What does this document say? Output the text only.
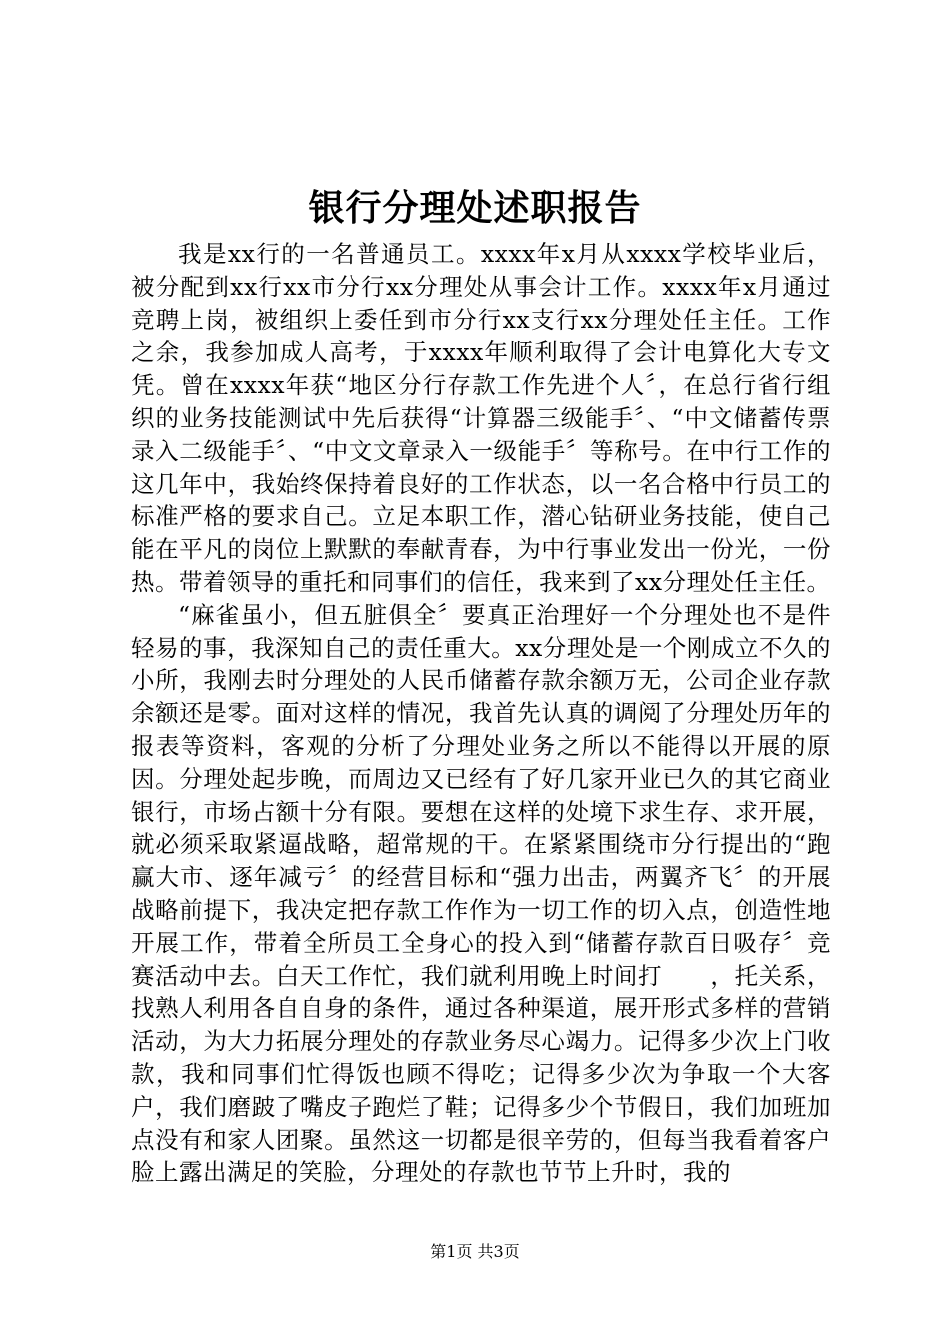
银行分理处述职报告

我是xx行的一名普通员工。xxxx年x月从xxxx学校毕业后，被分配到xx行xx市分行xx分理处从事会计工作。xxxx年x月通过竞聘上岗，被组织上委任到市分行xx支行xx分理处任主任。工作之余，我参加成人高考，于xxxx年顺利取得了会计电算化大专文凭。曾在xxxx年获“地区分行存款工作先进个人〞，在总行省行组织的业务技能测试中先后获得“计算器三级能手〞、“中文储蓄传票录入二级能手〞、“中文文章录入一级能手〞等称号。在中行工作的这几年中，我始终保持着良好的工作状态，以一名合格中行员工的标准严格的要求自己。立足本职工作，潜心钻研业务技能，使自己能在平凡的岗位上默默的奉献青春，为中行事业发出一份光，一份热。带着领导的重托和同事们的信任，我来到了xx分理处任主任。

“麻雀虽小，但五脏俱全〞要真正治理好一个分理处也不是件轻易的事，我深知自己的责任重大。xx分理处是一个刚成立不久的小所，我刚去时分理处的人民币储蓄存款余额万无，公司企业存款余额还是零。面对这样的情况，我首先认真的调阅了分理处历年的报表等资料，客观的分析了分理处业务之所以不能得以开展的原因。分理处起步晚，而周边又已经有了好几家开业已久的其它商业银行，市场占额十分有限。要想在这样的处境下求生存、求开展，就必须采取紧逼战略，超常规的干。在紧紧围绕市分行提出的“跑赢大市、逐年减亏〞的经营目标和“强力出击，两翼齐飞〞的开展战略前提下，我决定把存款工作作为一切工作的切入点，创造性地开展工作，带着全所员工全身心的投入到“储蓄存款百日吸存〞竞赛活动中去。白天工作忙，我们就利用晚上时间打　　，托关系，找熟人利用各自自身的条件，通过各种渠道，展开形式多样的营销活动，为大力拓展分理处的存款业务尽心竭力。记得多少次上门收款，我和同事们忙得饭也顾不得吃；记得多少次为争取一个大客户，我们磨跛了嘴皮子跑烂了鞋；记得多少个节假日，我们加班加点没有和家人团聚。虽然这一切都是很辛劳的，但每当我看着客户脸上露出满足的笑脸，分理处的存款也节节上升时，我的

第1页 共3页
